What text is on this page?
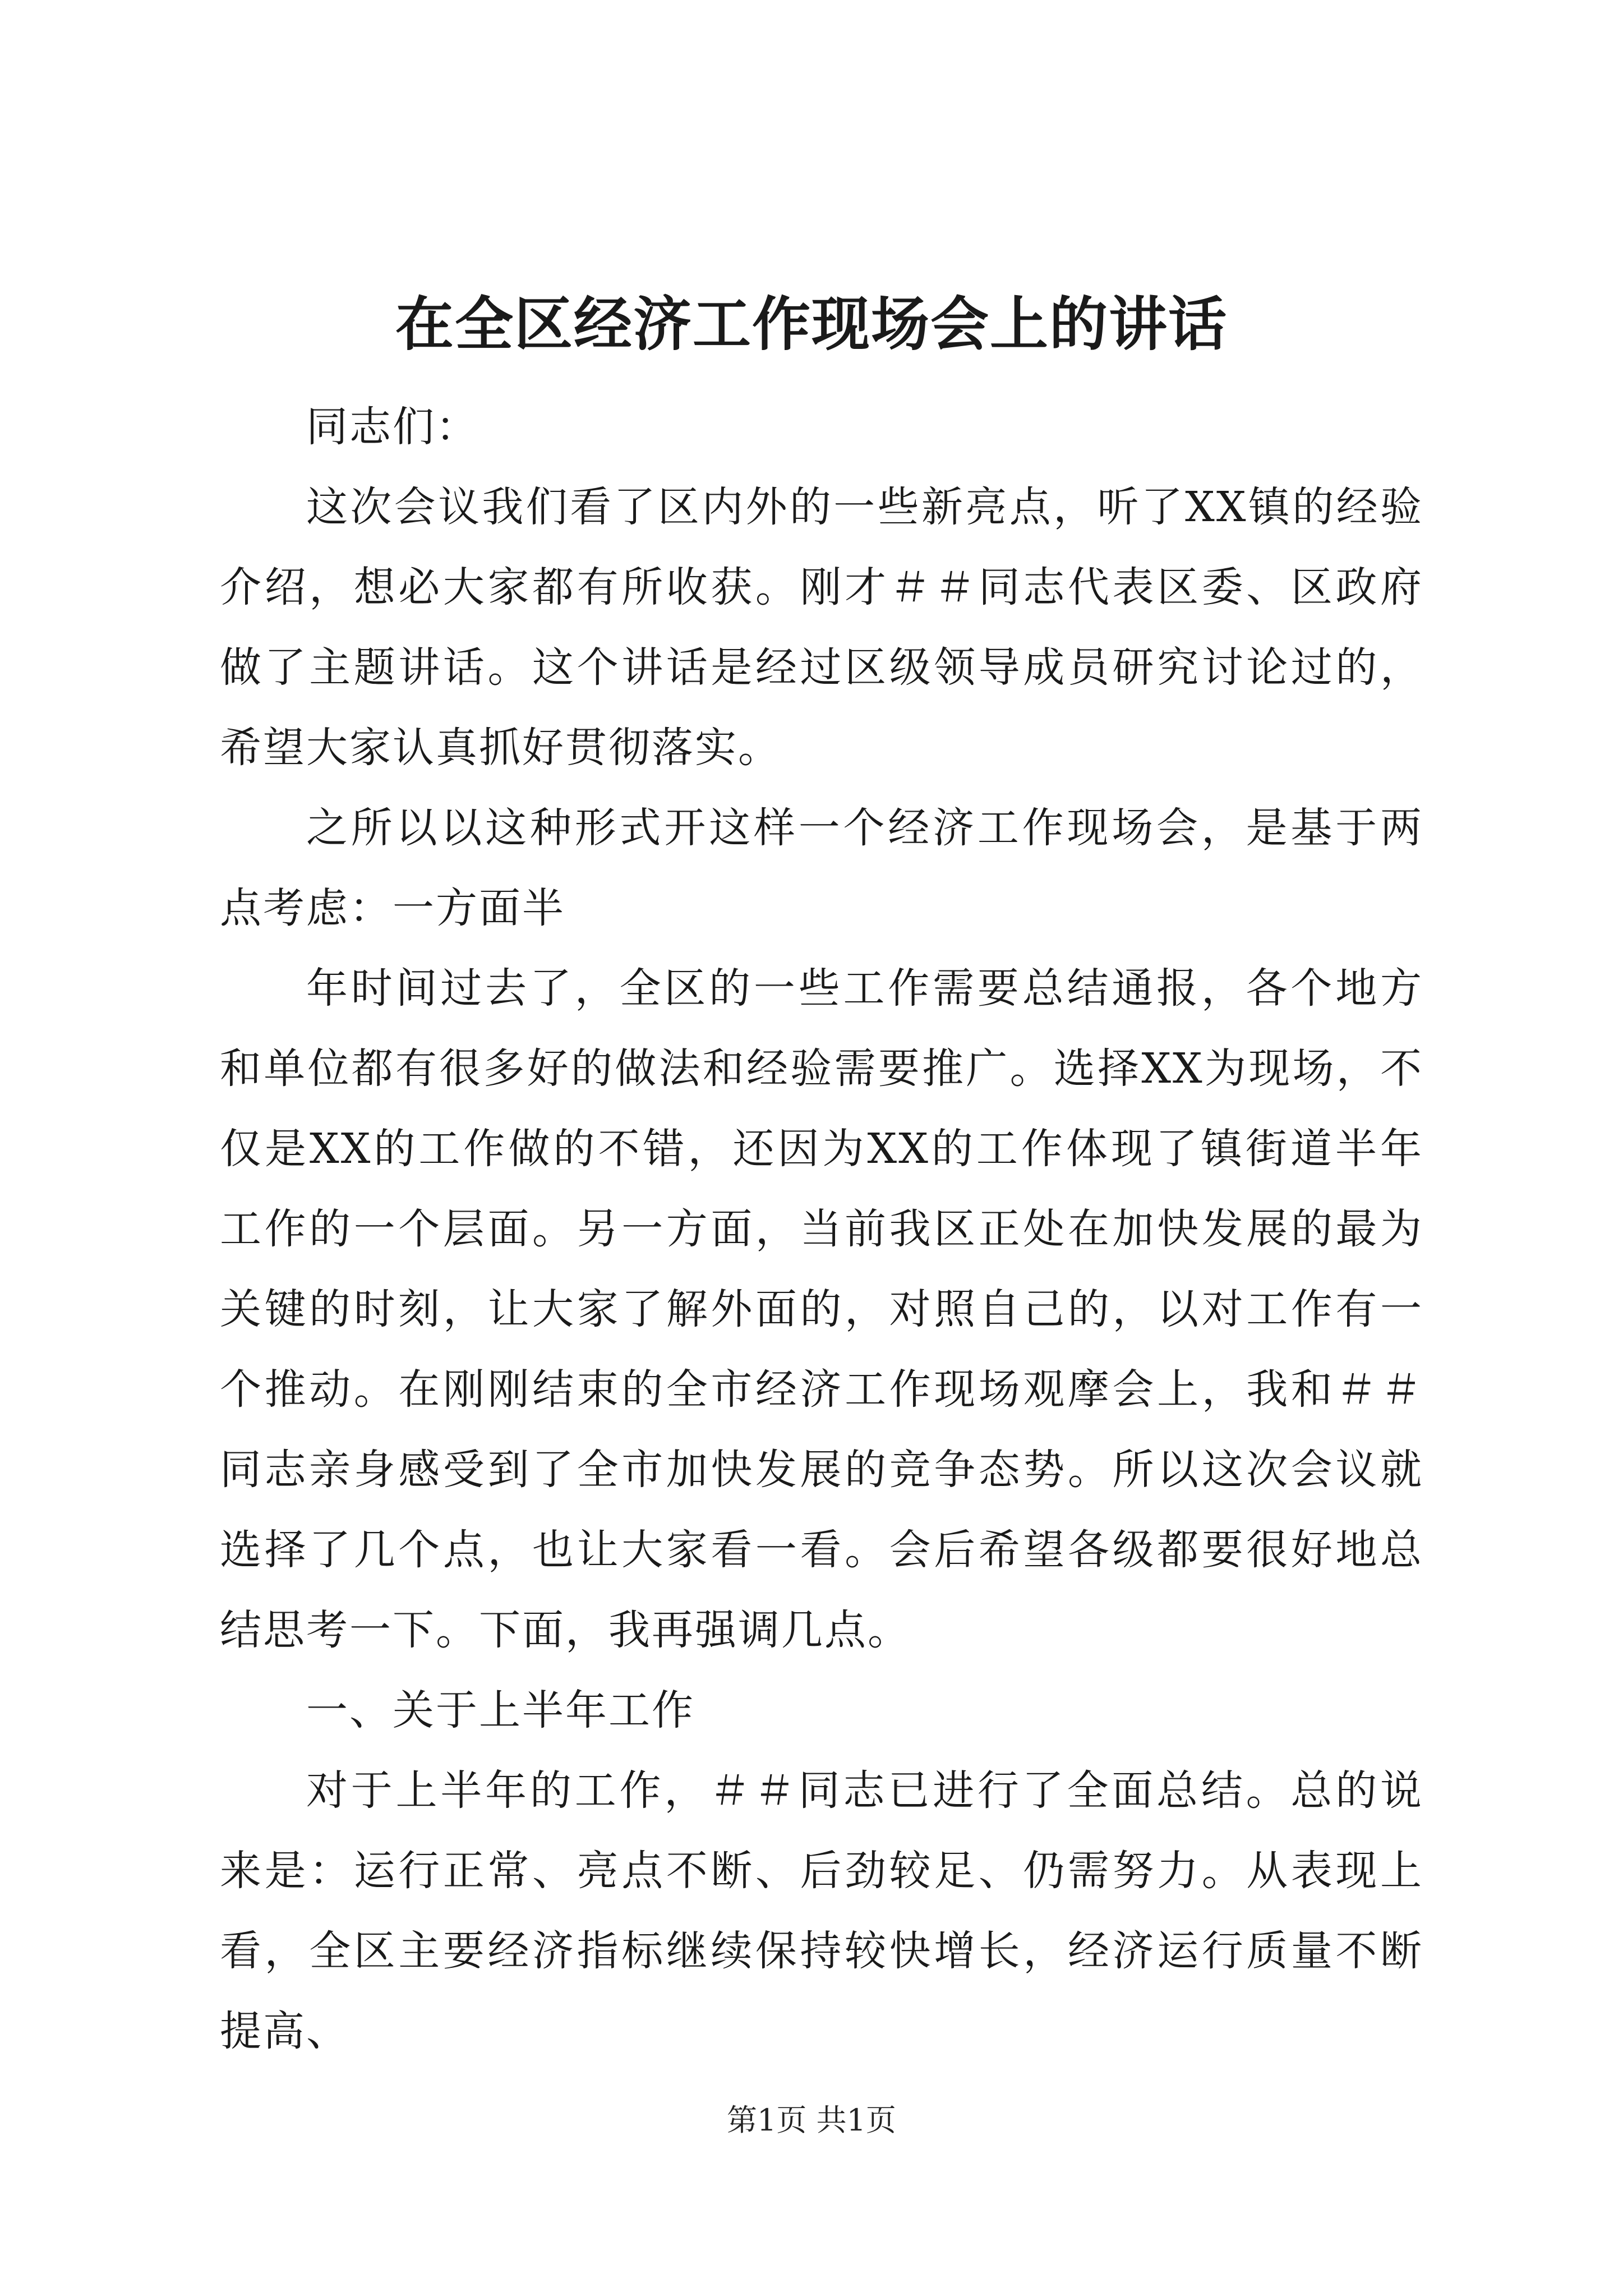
在全区经济工作现场会上的讲话

同志们：

这次会议我们看了区内外的一些新亮点，听了XX镇的经验介绍，想必大家都有所收获。刚才＃＃同志代表区委、区政府做了主题讲话。这个讲话是经过区级领导成员研究讨论过的，希望大家认真抓好贯彻落实。

之所以以这种形式开这样一个经济工作现场会，是基于两点考虑：一方面半

年时间过去了，全区的一些工作需要总结通报，各个地方和单位都有很多好的做法和经验需要推广。选择XX为现场，不仅是XX的工作做的不错，还因为XX的工作体现了镇街道半年工作的一个层面。另一方面，当前我区正处在加快发展的最为关键的时刻，让大家了解外面的，对照自己的，以对工作有一个推动。在刚刚结束的全市经济工作现场观摩会上，我和＃＃同志亲身感受到了全市加快发展的竞争态势。所以这次会议就选择了几个点，也让大家看一看。会后希望各级都要很好地总结思考一下。下面，我再强调几点。

一、关于上半年工作

对于上半年的工作，＃＃同志已进行了全面总结。总的说来是：运行正常、亮点不断、后劲较足、仍需努力。从表现上看，全区主要经济指标继续保持较快增长，经济运行质量不断提高、

第1页 共1页
